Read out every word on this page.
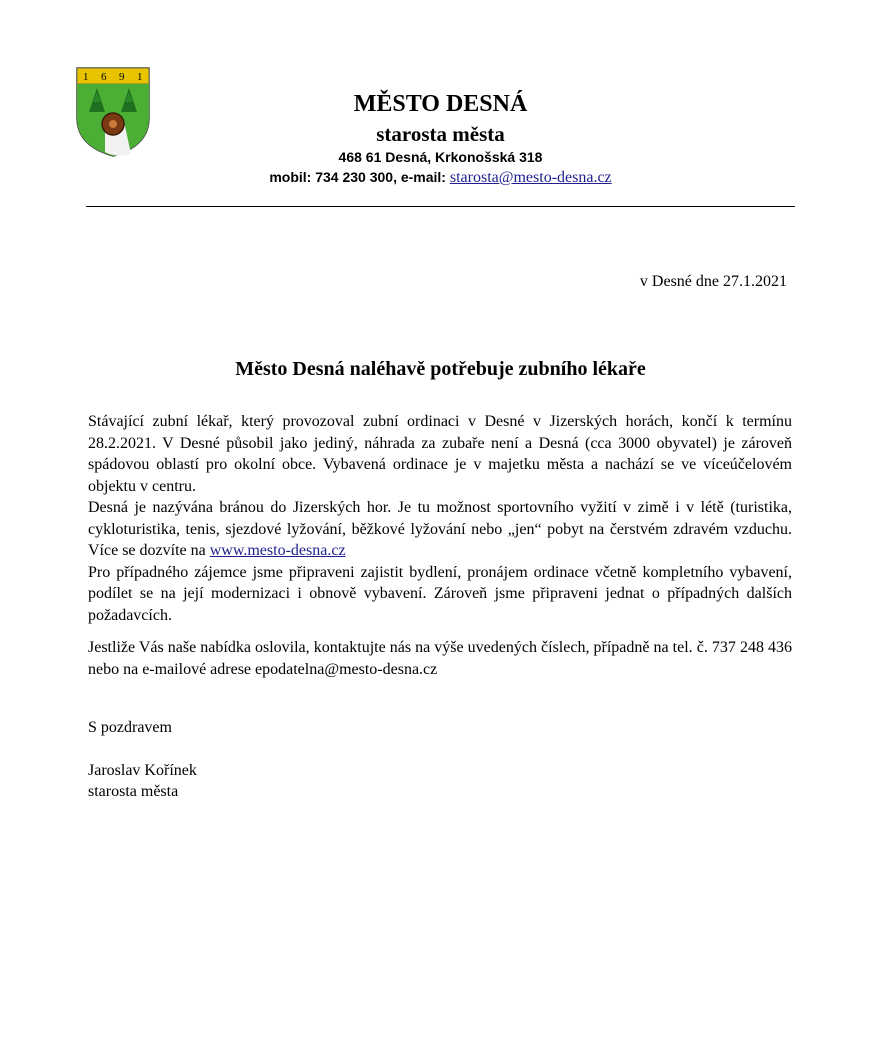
1 6 9 1
MĚSTO DESNÁ
starosta města
468 61 Desná, Krkonošská 318
mobil: 734 230 300, e-mail: starosta@mesto-desna.cz
v Desné dne 27.1.2021
Město Desná naléhavě potřebuje zubního lékaře

Stávající zubní lékař, který provozoval zubní ordinaci v Desné v Jizerských horách, končí k termínu 28.2.2021. V Desné působil jako jediný, náhrada za zubaře není a Desná (cca 3000 obyvatel) je zároveň spádovou oblastí pro okolní obce. Vybavená ordinace je v majetku města a nachází se ve víceúčelovém objektu v centru.

Desná je nazývána bránou do Jizerských hor. Je tu možnost sportovního vyžití v zimě i v létě (turistika, cykloturistika, tenis, sjezdové lyžování, běžkové lyžování nebo „jen“ pobyt na čerstvém zdravém vzduchu. Více se dozvíte na www.mesto-desna.cz

Pro případného zájemce jsme připraveni zajistit bydlení, pronájem ordinace včetně kompletního vybavení, podílet se na její modernizaci i obnově vybavení. Zároveň jsme připraveni jednat o případných dalších požadavcích.

Jestliže Vás naše nabídka oslovila, kontaktujte nás na výše uvedených číslech, případně na tel. č. 737 248 436 nebo na e-mailové adrese epodatelna@mesto-desna.cz

S pozdravem
Jaroslav Kořínek
starosta města
